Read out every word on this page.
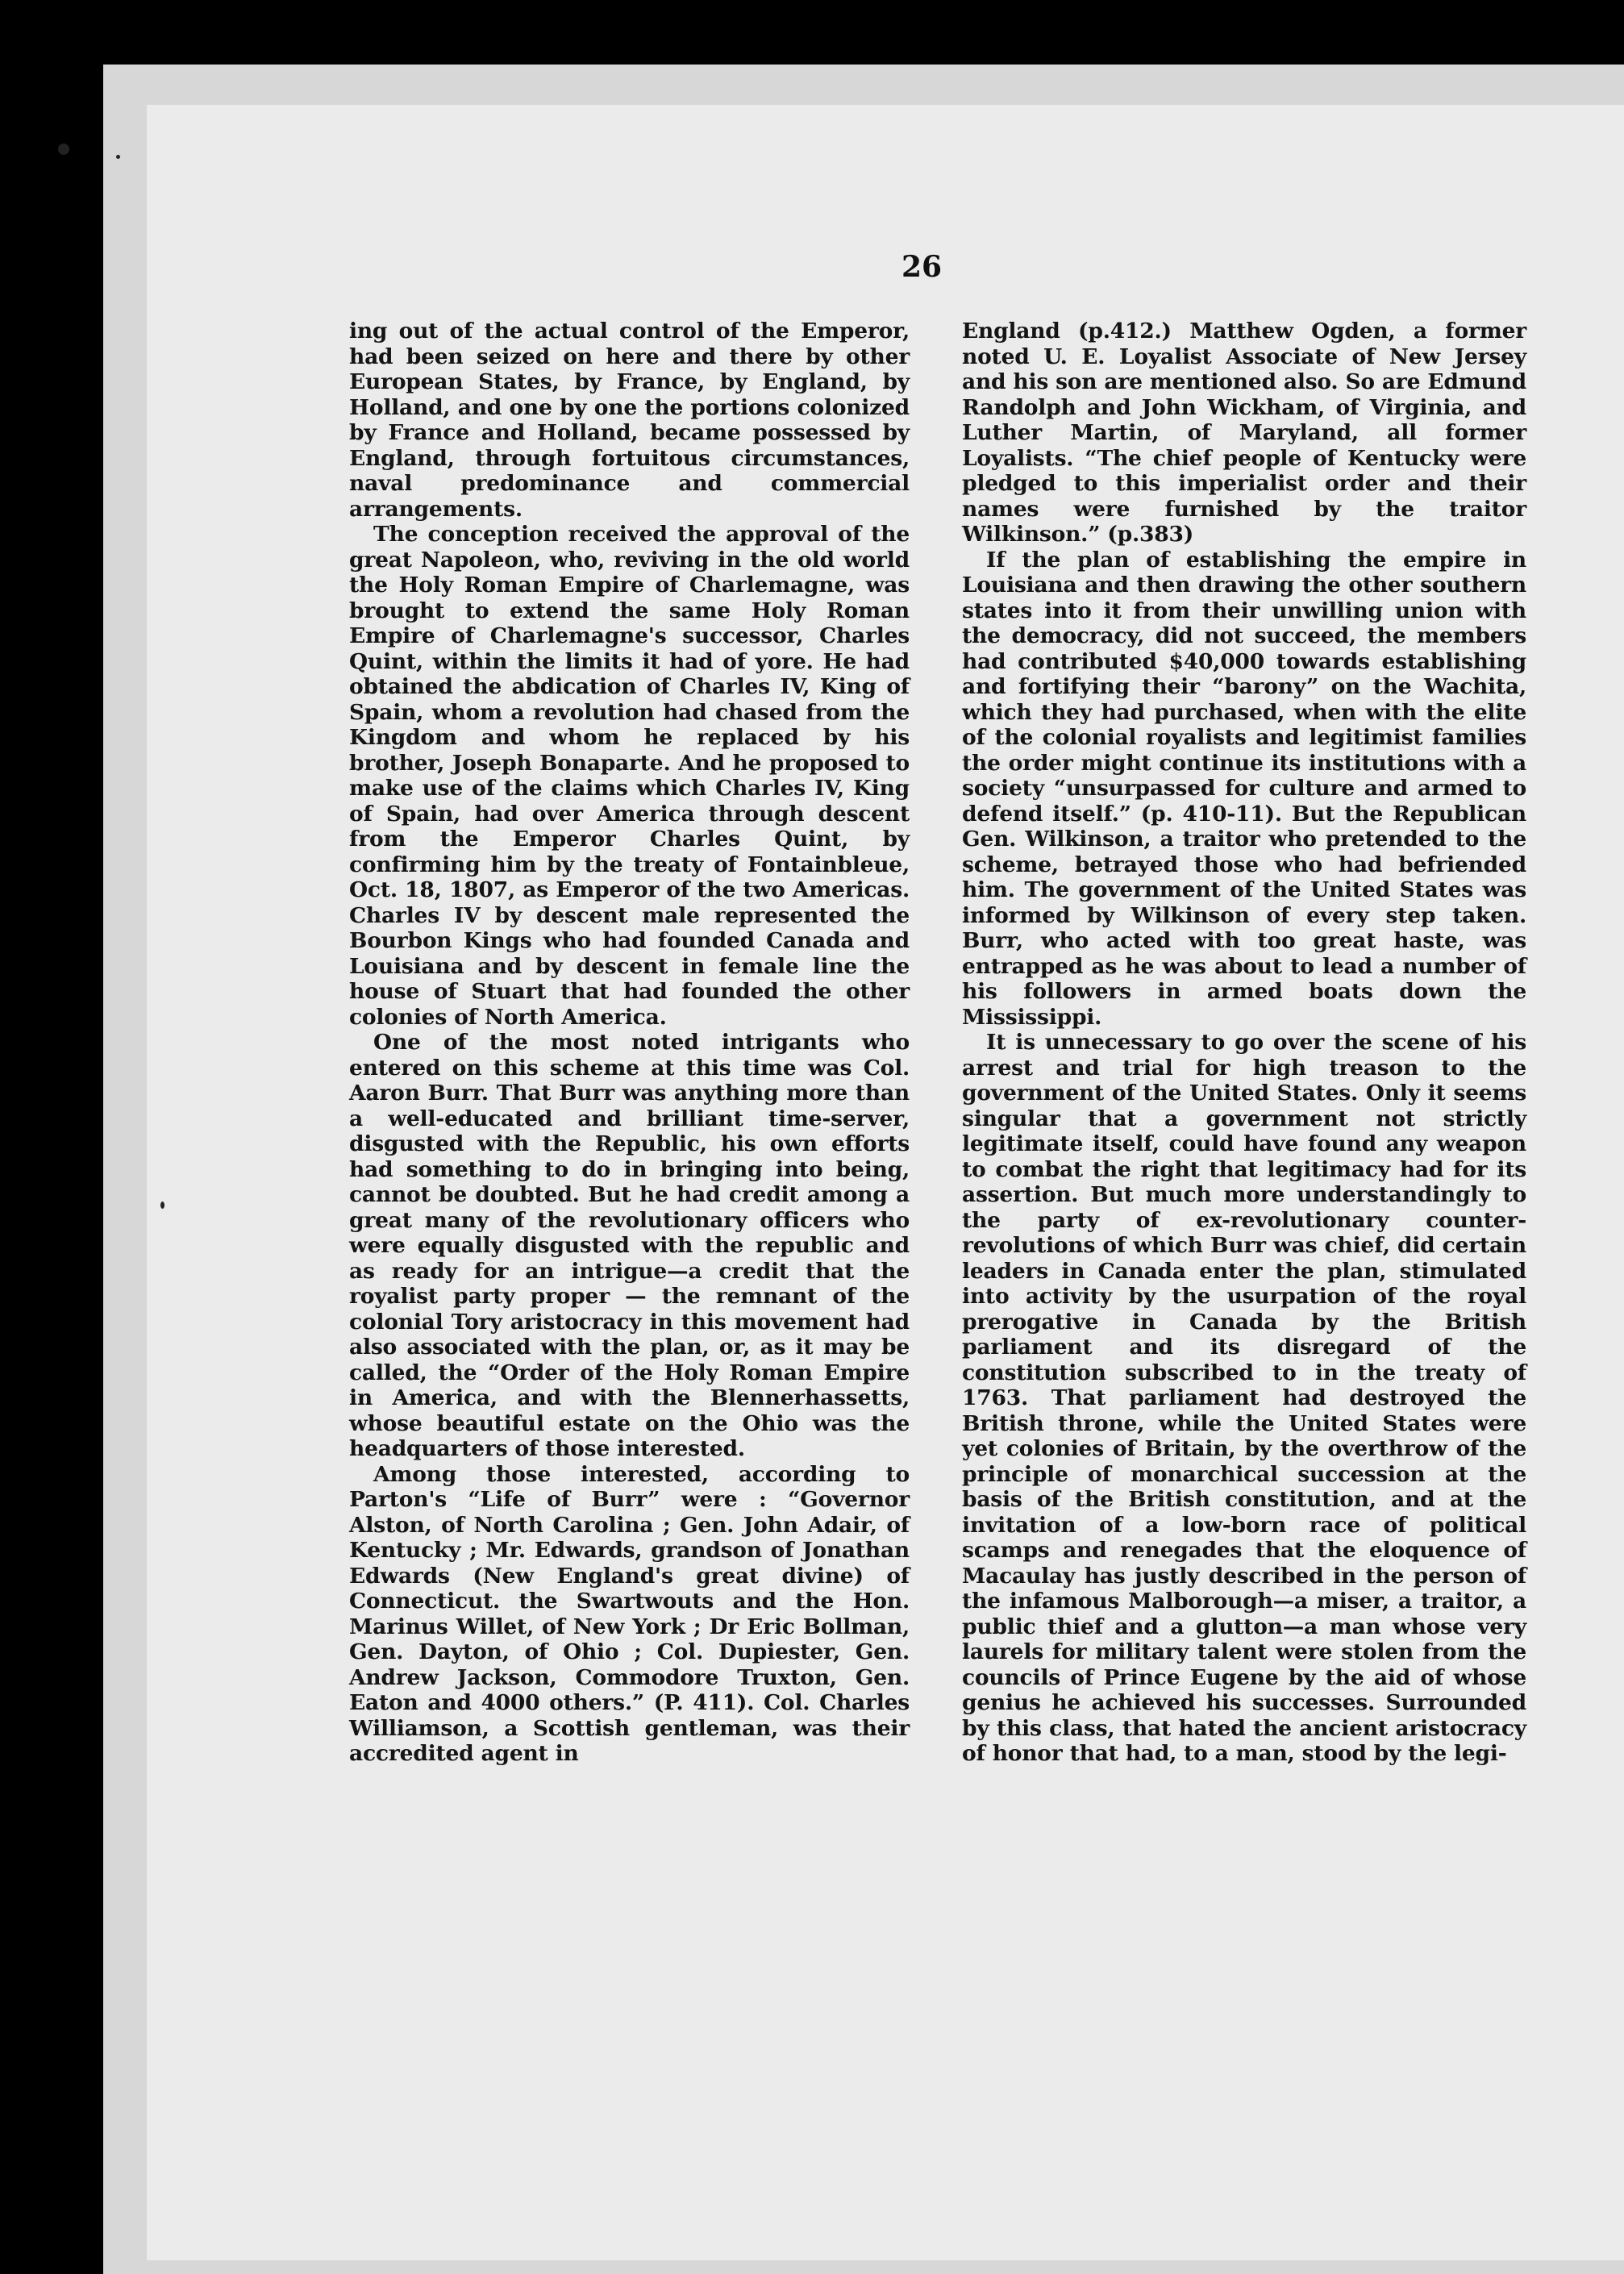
26

ing out of the actual control of the Emperor, had been seized on here and there by other European States, by France, by England, by Holland, and one by one the portions colonized by France and Holland, became possessed by England, through fortuitous circumstances, naval predominance and commercial arrangements.

The conception received the approval of the great Napoleon, who, reviving in the old world the Holy Roman Empire of Charlemagne, was brought to extend the same Holy Roman Empire of Charlemagne's successor, Charles Quint, within the limits it had of yore. He had obtained the abdication of Charles IV, King of Spain, whom a revolution had chased from the Kingdom and whom he replaced by his brother, Joseph Bonaparte. And he proposed to make use of the claims which Charles IV, King of Spain, had over America through descent from the Emperor Charles Quint, by confirming him by the treaty of Fontainbleue, Oct. 18, 1807, as Emperor of the two Americas. Charles IV by descent male represented the Bourbon Kings who had founded Canada and Louisiana and by descent in female line the house of Stuart that had founded the other colonies of North America.

One of the most noted intrigants who entered on this scheme at this time was Col. Aaron Burr. That Burr was anything more than a well-educated and brilliant time-server, disgusted with the Republic, his own efforts had something to do in bringing into being, cannot be doubted. But he had credit among a great many of the revolutionary officers who were equally disgusted with the republic and as ready for an intrigue—a credit that the royalist party proper — the remnant of the colonial Tory aristocracy in this movement had also associated with the plan, or, as it may be called, the “Order of the Holy Roman Empire in America, and with the Blennerhassetts, whose beautiful estate on the Ohio was the headquarters of those interested.

Among those interested, according to Parton's “Life of Burr” were : “Governor Alston, of North Carolina ; Gen. John Adair, of Kentucky ; Mr. Edwards, grandson of Jonathan Edwards (New England's great divine) of Connecticut. the Swartwouts and the Hon. Marinus Willet, of New York ; Dr Eric Bollman, Gen. Dayton, of Ohio ; Col. Dupiester, Gen. Andrew Jackson, Commodore Truxton, Gen. Eaton and 4000 others.” (P. 411). Col. Charles Williamson, a Scottish gentleman, was their accredited agent in

England (p.412.) Matthew Ogden, a former noted U. E. Loyalist Associate of New Jersey and his son are mentioned also. So are Edmund Randolph and John Wickham, of Virginia, and Luther Martin, of Maryland, all former Loyalists. “The chief people of Kentucky were pledged to this imperialist order and their names were furnished by the traitor Wilkinson.” (p.383)

If the plan of establishing the empire in Louisiana and then drawing the other southern states into it from their unwilling union with the democracy, did not succeed, the members had contributed $40,000 towards establishing and fortifying their “barony” on the Wachita, which they had purchased, when with the elite of the colonial royalists and legitimist families the order might continue its institutions with a society “unsurpassed for culture and armed to defend itself.” (p. 410-11). But the Republican Gen. Wilkinson, a traitor who pretended to the scheme, betrayed those who had befriended him. The government of the United States was informed by Wilkinson of every step taken. Burr, who acted with too great haste, was entrapped as he was about to lead a number of his followers in armed boats down the Mississippi.

It is unnecessary to go over the scene of his arrest and trial for high treason to the government of the United States. Only it seems singular that a government not strictly legitimate itself, could have found any weapon to combat the right that legitimacy had for its assertion. But much more understandingly to the party of ex-revolutionary counter-revolutions of which Burr was chief, did certain leaders in Canada enter the plan, stimulated into activity by the usurpation of the royal prerogative in Canada by the British parliament and its disregard of the constitution subscribed to in the treaty of 1763. That parliament had destroyed the British throne, while the United States were yet colonies of Britain, by the overthrow of the principle of monarchical succession at the basis of the British constitution, and at the invitation of a low-born race of political scamps and renegades that the eloquence of Macaulay has justly described in the person of the infamous Malborough—a miser, a traitor, a public thief and a glutton—a man whose very laurels for military talent were stolen from the councils of Prince Eugene by the aid of whose genius he achieved his successes. Surrounded by this class, that hated the ancient aristocracy of honor that had, to a man, stood by the legi-
